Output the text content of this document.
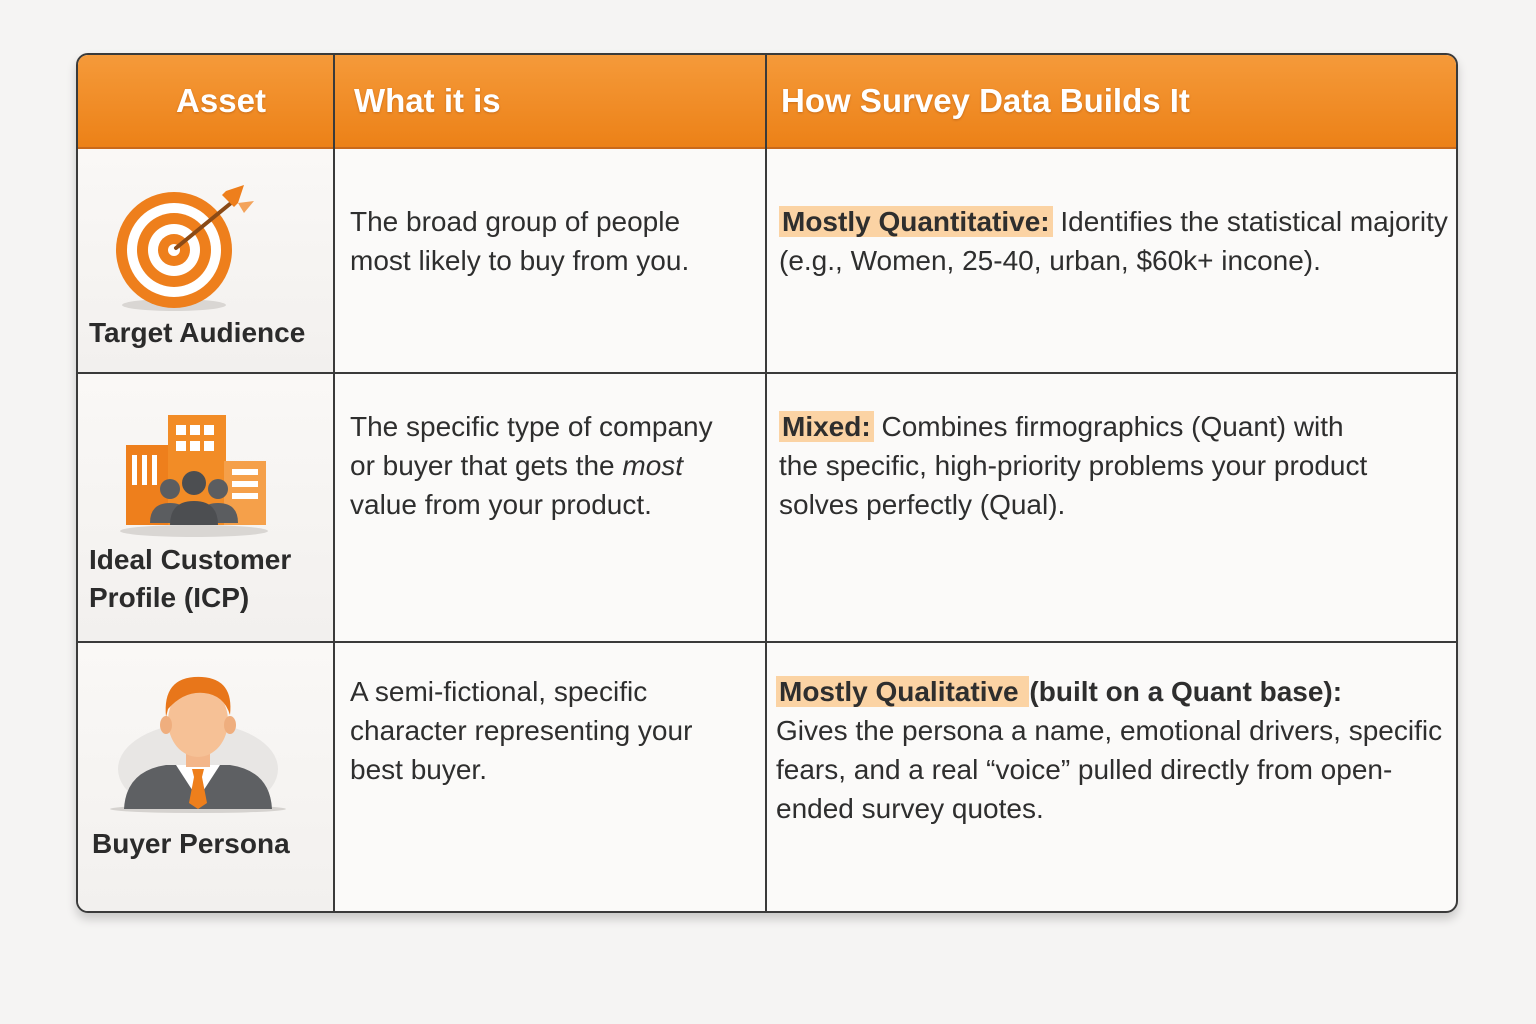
Asset	What it is	How Survey Data Builds It
Target Audience
The broad group of people most likely to buy from you.
Mostly Quantitative: Identifies the statistical majority (e.g., Women, 25-40, urban, $60k+ incone).
Ideal Customer Profile (ICP)
The specific type of company or buyer that gets the most value from your product.
Mixed: Combines firmographics (Quant) with the specific, high-priority problems your product solves perfectly (Qual).
Buyer Persona
A semi-fictional, specific character representing your best buyer.
Mostly Qualitative (built on a Quant base):
Gives the persona a name, emotional drivers, specific fears, and a real “voice” pulled directly from open-ended survey quotes.
